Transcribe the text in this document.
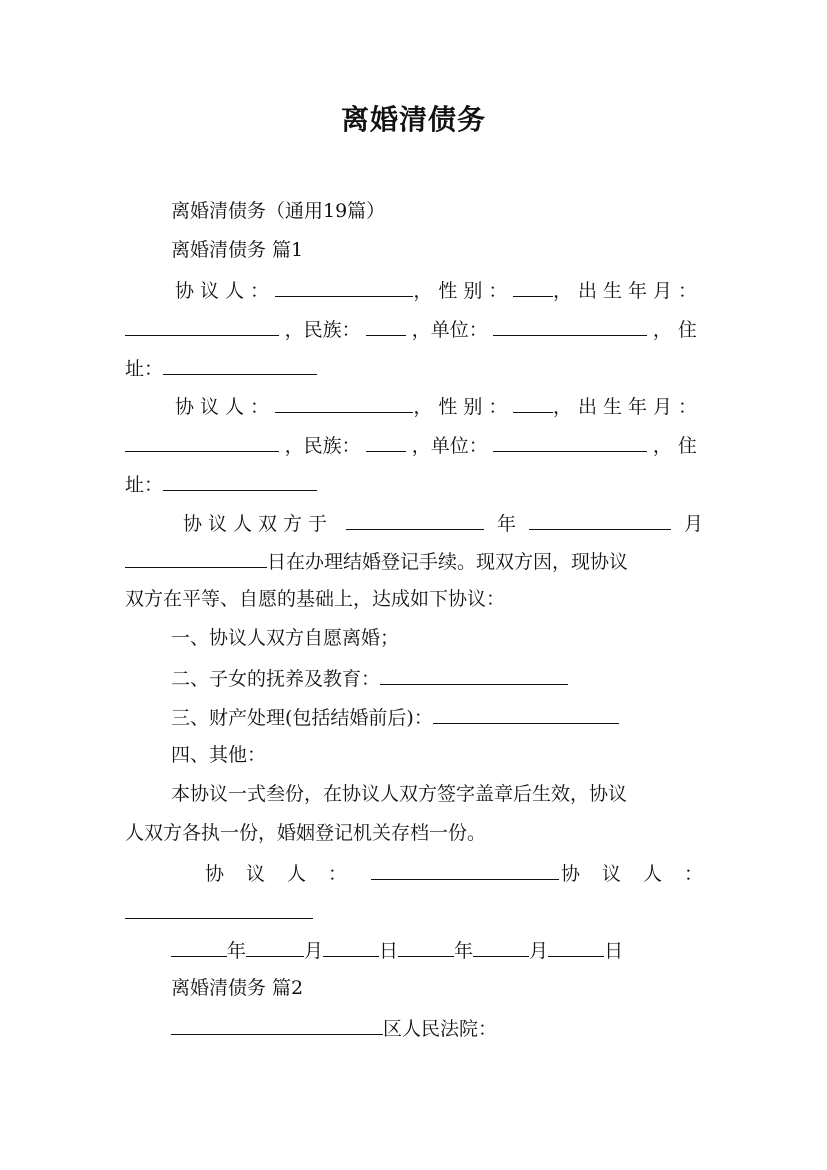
离婚清债务
离婚清债务（通用19篇）
离婚清债务 篇1
协议人：	，性别： ，出生年月：
，民族：	，单位：	，住
址：
协议人：	，性别： ，出生年月：
，民族：	，单位：	，住
址：
协议人双方于	年	月
日在办理结婚登记手续。现双方因，现协议
双方在平等、自愿的基础上，达成如下协议：
一、协议人双方自愿离婚；
二、子女的抚养及教育：
三、财产处理(包括结婚前后)：
四、其他：
本协议一式叁份，在协议人双方签字盖章后生效，协议
人双方各执一份，婚姻登记机关存档一份。
协议人：	协议人：
年	月	日	年	月	日
离婚清债务 篇2
区人民法院：
